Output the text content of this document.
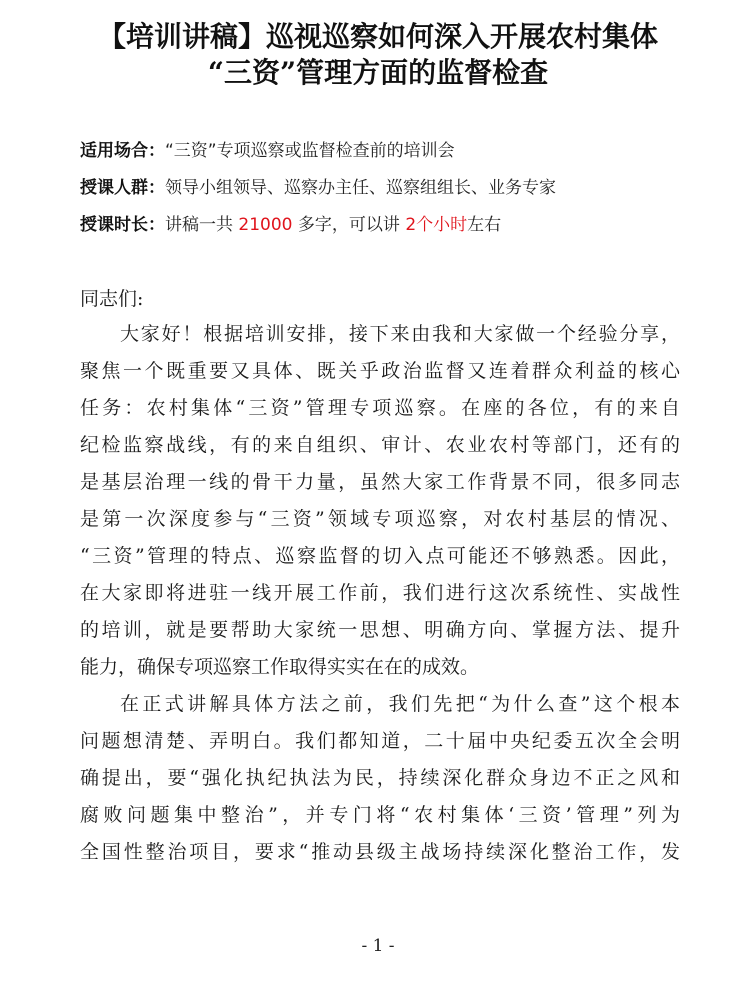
【培训讲稿】巡视巡察如何深入开展农村集体
“三资”管理方面的监督检查
适用场合：“三资”专项巡察或监督检查前的培训会
授课人群：领导小组领导、巡察办主任、巡察组组长、业务专家
授课时长：讲稿一共 21000 多字，可以讲 2个小时左右
同志们:
大家好！根据培训安排，接下来由我和大家做一个经验分享，
聚焦一个既重要又具体、既关乎政治监督又连着群众利益的核心
任务：农村集体“三资”管理专项巡察。在座的各位，有的来自
纪检监察战线，有的来自组织、审计、农业农村等部门，还有的
是基层治理一线的骨干力量，虽然大家工作背景不同，很多同志
是第一次深度参与“三资”领域专项巡察，对农村基层的情况、
“三资”管理的特点、巡察监督的切入点可能还不够熟悉。因此，
在大家即将进驻一线开展工作前，我们进行这次系统性、实战性
的培训，就是要帮助大家统一思想、明确方向、掌握方法、提升
能力，确保专项巡察工作取得实实在在的成效。
在正式讲解具体方法之前，我们先把“为什么查”这个根本
问题想清楚、弄明白。我们都知道，二十届中央纪委五次全会明
确提出，要“强化执纪执法为民，持续深化群众身边不正之风和
腐败问题集中整治”，并专门将“农村集体‘三资’管理”列为
全国性整治项目，要求“推动县级主战场持续深化整治工作，发
- 1 -
